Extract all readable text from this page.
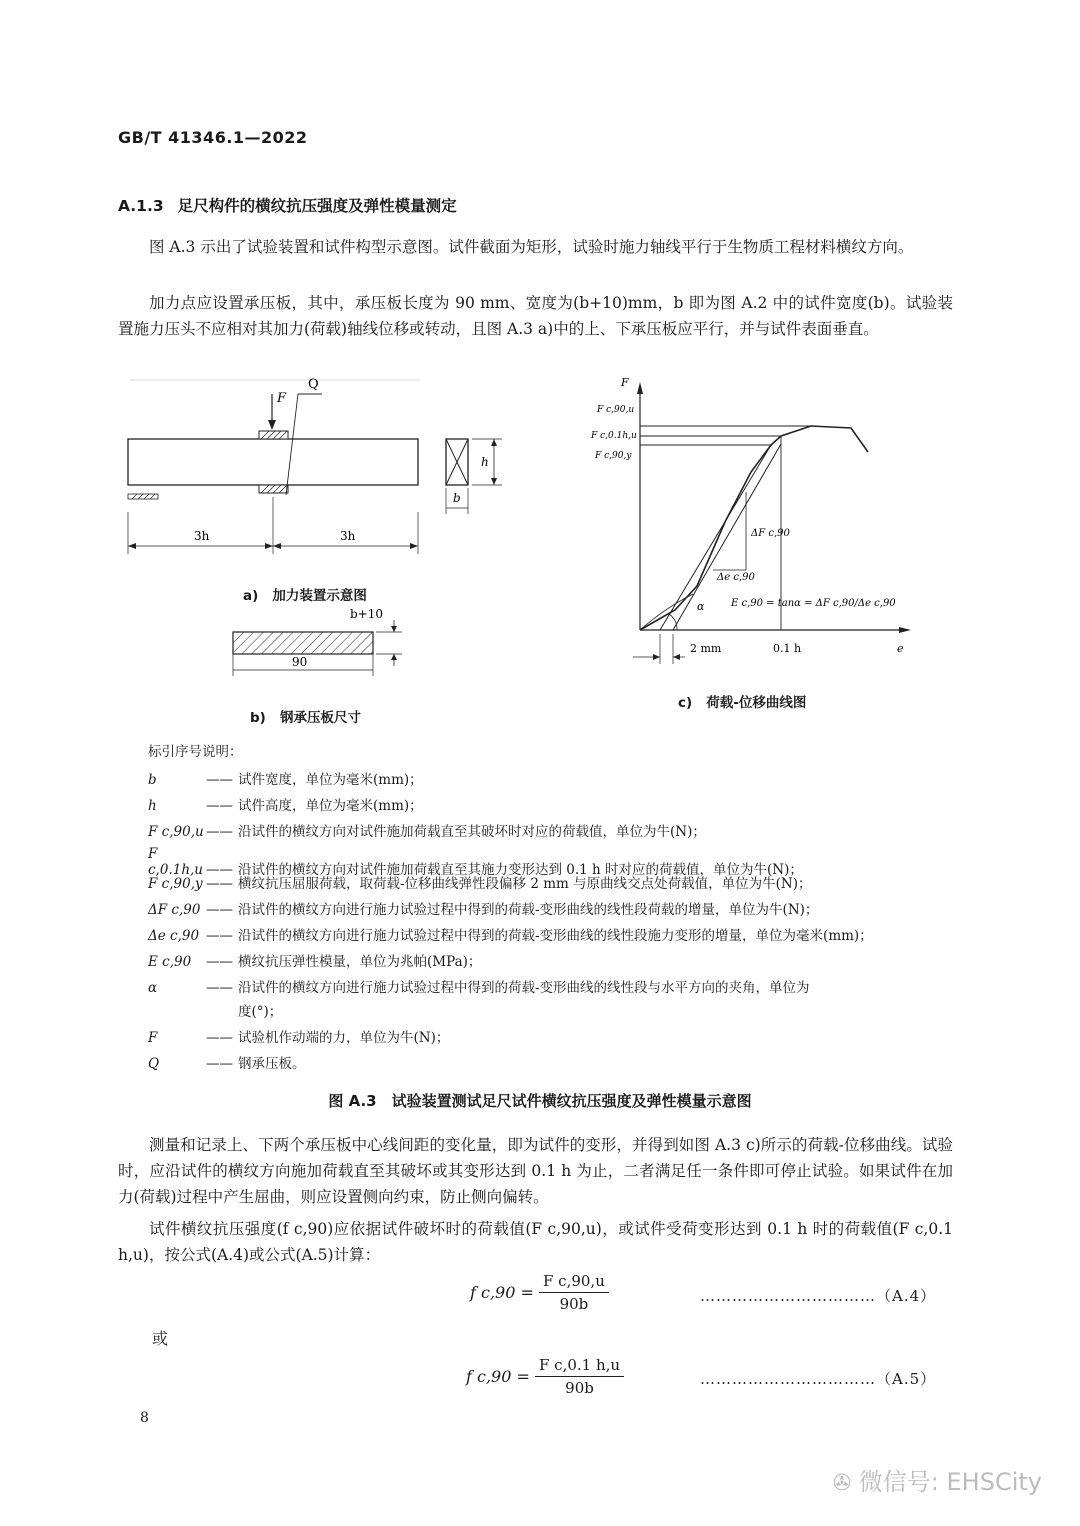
GB/T 41346.1—2022
A.1.3 足尺构件的横纹抗压强度及弹性模量测定
图 A.3 示出了试验装置和试件构型示意图。试件截面为矩形，试验时施力轴线平行于生物质工程材料横纹方向。
加力点应设置承压板，其中，承压板长度为 90 mm、宽度为(b+10)mm，b 即为图 A.2 中的试件宽度(b)。试验装置施力压头不应相对其加力(荷载)轴线位移或转动，且图 A.3 a)中的上、下承压板应平行，并与试件表面垂直。
F
Q
h
b
3h	3h
a) 加力装置示意图
b+10
90
b) 钢承压板尺寸
F
e
F c,90,u
F c,0.1h,u
F c,90,y
ΔF c,90
Δe c,90
α	E c,90 = tanα = ΔF c,90/Δe c,90
2 mm	0.1 h
c) 荷载-位移曲线图
标引序号说明：
b	—— 试件宽度，单位为毫米(mm)；
h	—— 试件高度，单位为毫米(mm)；
F c,90,u —— 沿试件的横纹方向对试件施加荷载直至其破坏时对应的荷载值，单位为牛(N)；
F c,0.1h,u —— 沿试件的横纹方向对试件施加荷载直至其施力变形达到 0.1 h 时对应的荷载值，单位为牛(N)；
F c,90,y —— 横纹抗压屈服荷载，取荷载-位移曲线弹性段偏移 2 mm 与原曲线交点处荷载值，单位为牛(N)；
ΔF c,90 —— 沿试件的横纹方向进行施力试验过程中得到的荷载-变形曲线的线性段荷载的增量，单位为牛(N)；
Δe c,90 —— 沿试件的横纹方向进行施力试验过程中得到的荷载-变形曲线的线性段施力变形的增量，单位为毫米(mm)；
E c,90 —— 横纹抗压弹性模量，单位为兆帕(MPa)；
α	—— 沿试件的横纹方向进行施力试验过程中得到的荷载-变形曲线的线性段与水平方向的夹角，单位为
度(°)；
F	—— 试验机作动端的力，单位为牛(N)；
Q	—— 钢承压板。
图 A.3　试验装置测试足尺试件横纹抗压强度及弹性模量示意图
测量和记录上、下两个承压板中心线间距的变化量，即为试件的变形，并得到如图 A.3 c)所示的荷载-位移曲线。试验时，应沿试件的横纹方向施加荷载直至其破坏或其变形达到 0.1 h 为止，二者满足任一条件即可停止试验。如果试件在加力(荷载)过程中产生屈曲，则应设置侧向约束，防止侧向偏转。
试件横纹抗压强度(f c,90)应依据试件破坏时的荷载值(F c,90,u)，或试件受荷变形达到 0.1 h 时的荷载值(F c,0.1 h,u)，按公式(A.4)或公式(A.5)计算：
f $c,90 = \frac{\text{F c,90,u}}{90b}$	……………………………（A.4）
或
f $c,90 = \frac{\text{F c,0.1 h,u}}{90b}$	……………………………（A.5）
8
✇ 微信号: EHSCity
